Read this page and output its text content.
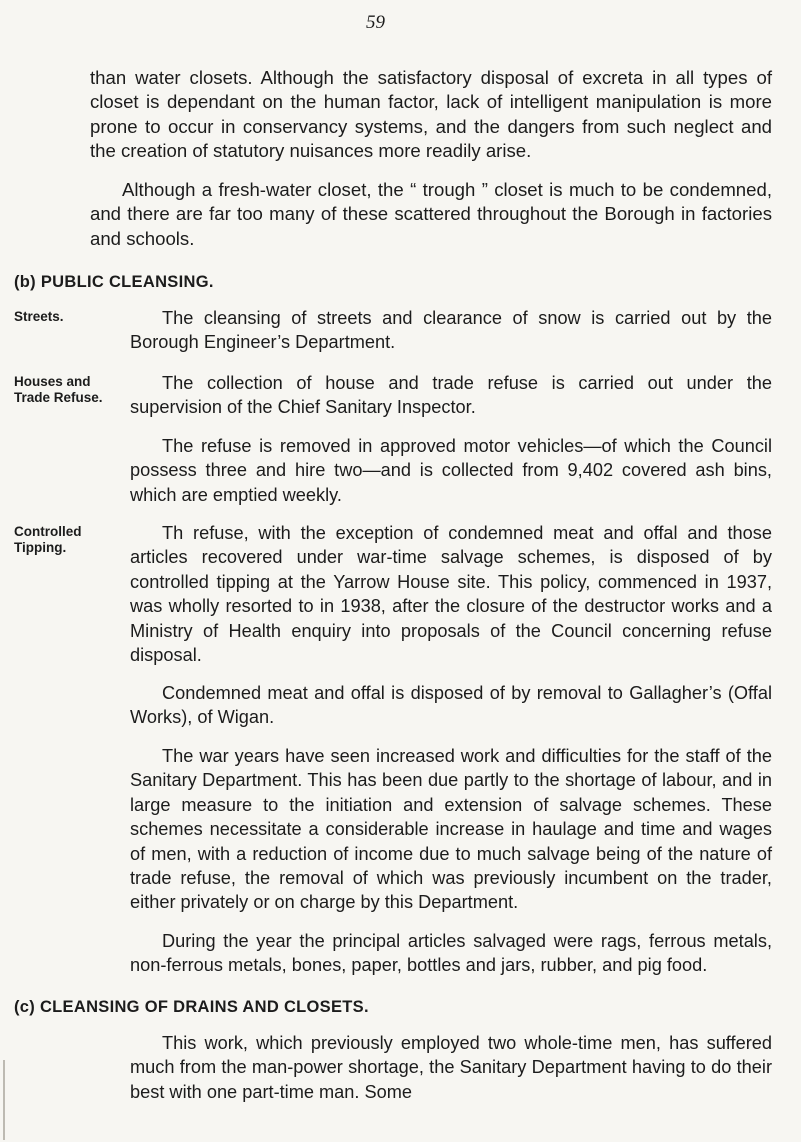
59

than water closets. Although the satisfactory disposal of excreta in all types of closet is dependant on the human factor, lack of intelligent manipulation is more prone to occur in conservancy systems, and the dangers from such neglect and the creation of statutory nuisances more readily arise.

Although a fresh-water closet, the “ trough ” closet is much to be condemned, and there are far too many of these scattered throughout the Borough in factories and schools.

(b) PUBLIC CLEANSING.
Streets.	The cleansing of streets and clearance of snow is carried out by the Borough Engineer’s Department.

Houses and Trade Refuse.

The collection of house and trade refuse is carried out under the supervision of the Chief Sanitary Inspector.

The refuse is removed in approved motor vehicles—of which the Council possess three and hire two—and is collected from 9,402 covered ash bins, which are emptied weekly.

Controlled Tipping.

Th refuse, with the exception of condemned meat and offal and those articles recovered under war-time salvage schemes, is disposed of by controlled tipping at the Yarrow House site. This policy, commenced in 1937, was wholly resorted to in 1938, after the closure of the destructor works and a Ministry of Health enquiry into proposals of the Council concerning refuse disposal.

Condemned meat and offal is disposed of by removal to Gallagher’s (Offal Works), of Wigan.

The war years have seen increased work and difficulties for the staff of the Sanitary Department. This has been due partly to the shortage of labour, and in large measure to the initiation and extension of salvage schemes. These schemes necessitate a considerable increase in haulage and time and wages of men, with a reduction of income due to much salvage being of the nature of trade refuse, the removal of which was previously incumbent on the trader, either privately or on charge by this Department.

During the year the principal articles salvaged were rags, ferrous metals, non-ferrous metals, bones, paper, bottles and jars, rubber, and pig food.

(c) CLEANSING OF DRAINS AND CLOSETS.

This work, which previously employed two whole-time men, has suffered much from the man-power shortage, the Sanitary Department having to do their best with one part-time man. Some
